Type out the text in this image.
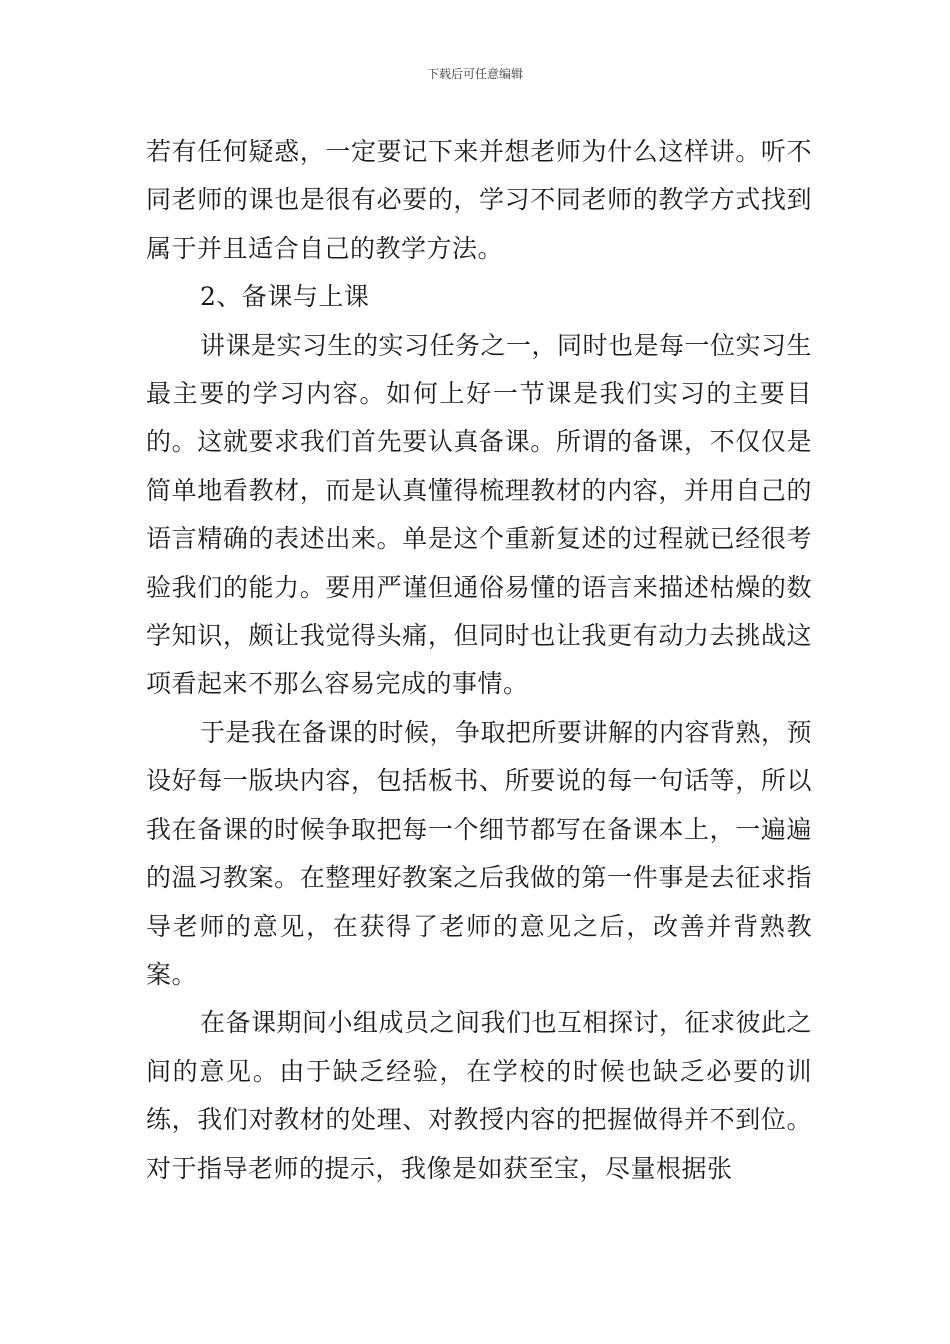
下载后可任意编辑

若有任何疑惑，一定要记下来并想老师为什么这样讲。听不同老师的课也是很有必要的，学习不同老师的教学方式找到属于并且适合自己的教学方法。

2、备课与上课

讲课是实习生的实习任务之一，同时也是每一位实习生最主要的学习内容。如何上好一节课是我们实习的主要目的。这就要求我们首先要认真备课。所谓的备课，不仅仅是简单地看教材，而是认真懂得梳理教材的内容，并用自己的语言精确的表述出来。单是这个重新复述的过程就已经很考验我们的能力。要用严谨但通俗易懂的语言来描述枯燥的数学知识，颇让我觉得头痛，但同时也让我更有动力去挑战这项看起来不那么容易完成的事情。

于是我在备课的时候，争取把所要讲解的内容背熟，预设好每一版块内容，包括板书、所要说的每一句话等，所以我在备课的时候争取把每一个细节都写在备课本上，一遍遍的温习教案。在整理好教案之后我做的第一件事是去征求指导老师的意见，在获得了老师的意见之后，改善并背熟教案。

在备课期间小组成员之间我们也互相探讨，征求彼此之间的意见。由于缺乏经验，在学校的时候也缺乏必要的训练，我们对教材的处理、对教授内容的把握做得并不到位。对于指导老师的提示，我像是如获至宝，尽量根据张
